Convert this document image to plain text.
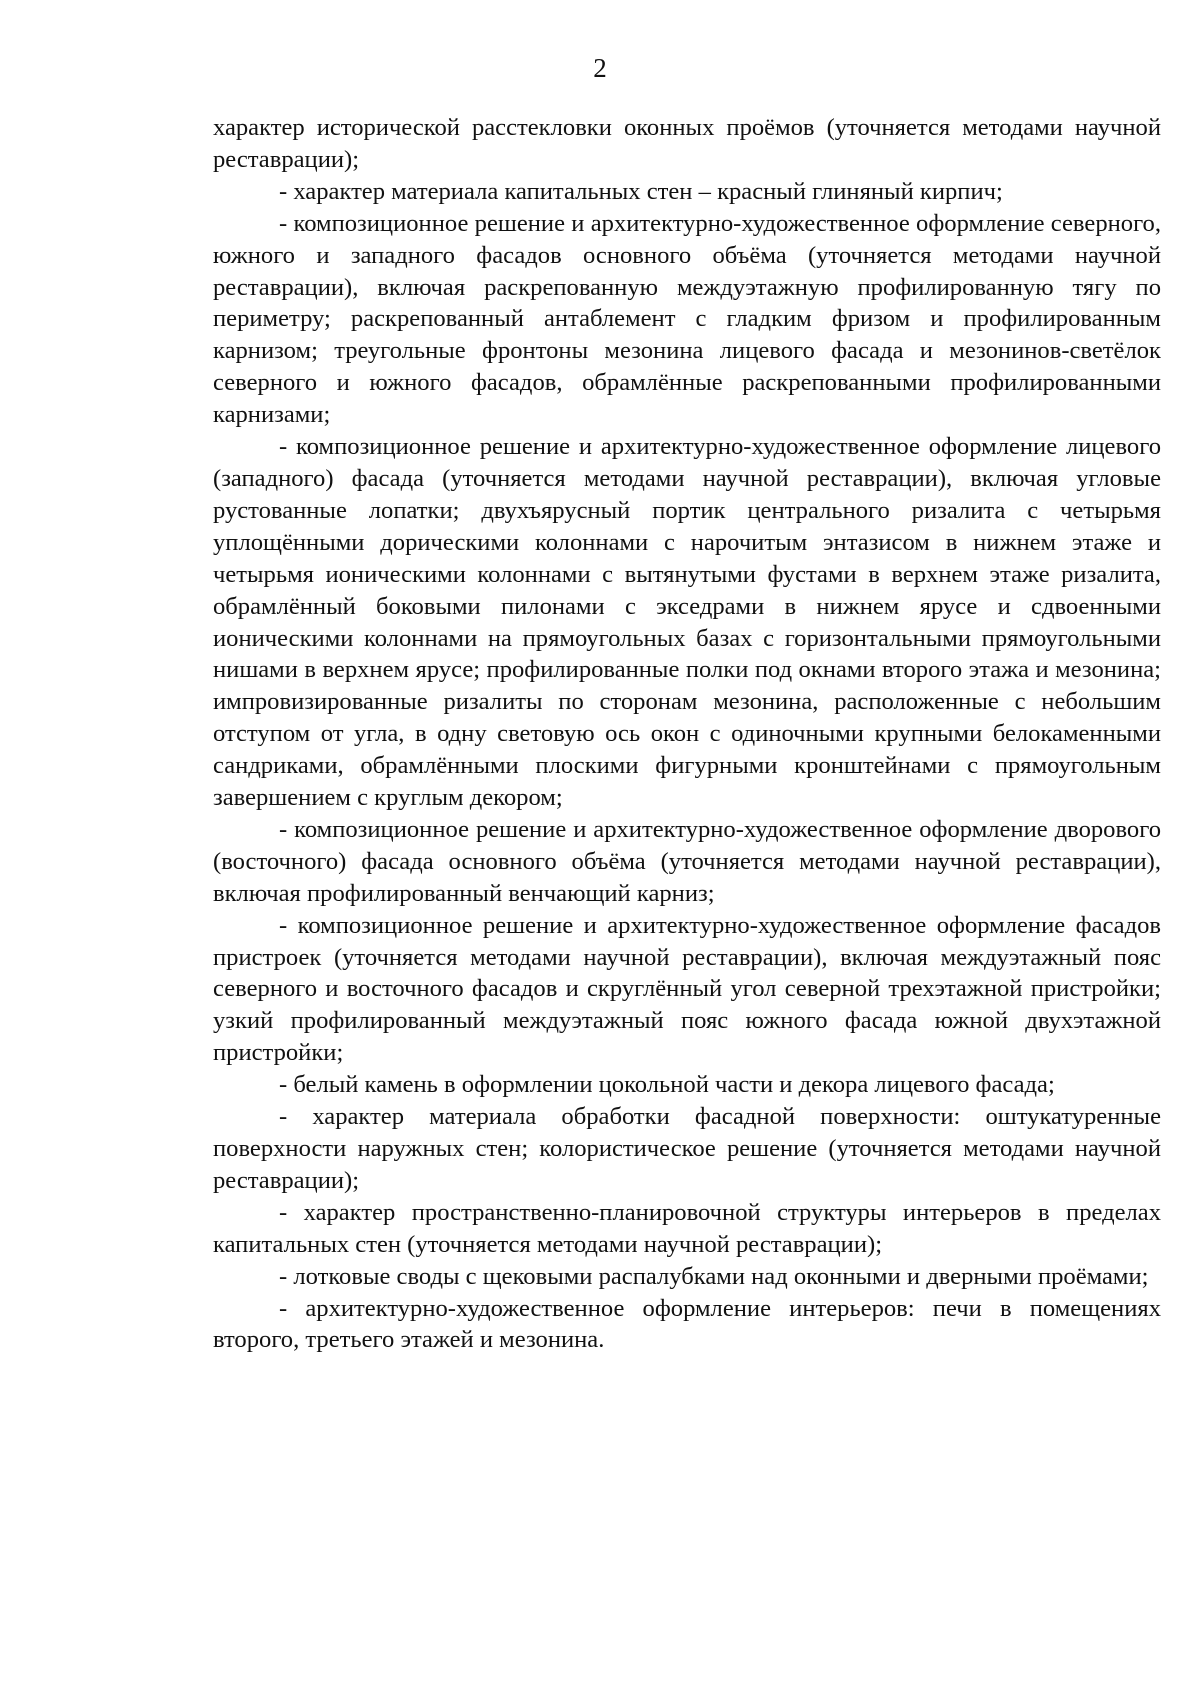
2

характер исторической расстекловки оконных проёмов (уточняется методами научной реставрации);

- характер материала капитальных стен – красный глиняный кирпич;

- композиционное решение и архитектурно-художественное оформление северного, южного и западного фасадов основного объёма (уточняется методами научной реставрации), включая раскрепованную междуэтажную профилированную тягу по периметру; раскрепованный антаблемент с гладким фризом и профилированным карнизом; треугольные фронтоны мезонина лицевого фасада и мезонинов-светёлок северного и южного фасадов, обрамлённые раскрепованными профилированными карнизами;

- композиционное решение и архитектурно-художественное оформление лицевого (западного) фасада (уточняется методами научной реставрации), включая угловые рустованные лопатки; двухъярусный портик центрального ризалита с четырьмя уплощёнными дорическими колоннами с нарочитым энтазисом в нижнем этаже и четырьмя ионическими колоннами с вытянутыми фустами в верхнем этаже ризалита, обрамлённый боковыми пилонами с экседрами в нижнем ярусе и сдвоенными ионическими колоннами на прямоугольных базах с горизонтальными прямоугольными нишами в верхнем ярусе; профилированные полки под окнами второго этажа и мезонина; импровизированные ризалиты по сторонам мезонина, расположенные с небольшим отступом от угла, в одну световую ось окон с одиночными крупными белокаменными сандриками, обрамлёнными плоскими фигурными кронштейнами с прямоугольным завершением с круглым декором;

- композиционное решение и архитектурно-художественное оформление дворового (восточного) фасада основного объёма (уточняется методами научной реставрации), включая профилированный венчающий карниз;

- композиционное решение и архитектурно-художественное оформление фасадов пристроек (уточняется методами научной реставрации), включая междуэтажный пояс северного и восточного фасадов и скруглённый угол северной трехэтажной пристройки; узкий профилированный междуэтажный пояс южного фасада южной двухэтажной пристройки;

- белый камень в оформлении цокольной части и декора лицевого фасада;

- характер материала обработки фасадной поверхности: оштукатуренные поверхности наружных стен; колористическое решение (уточняется методами научной реставрации);

- характер пространственно-планировочной структуры интерьеров в пределах капитальных стен (уточняется методами научной реставрации);

- лотковые своды с щековыми распалубками над оконными и дверными проёмами;

- архитектурно-художественное оформление интерьеров: печи в помещениях второго, третьего этажей и мезонина.
